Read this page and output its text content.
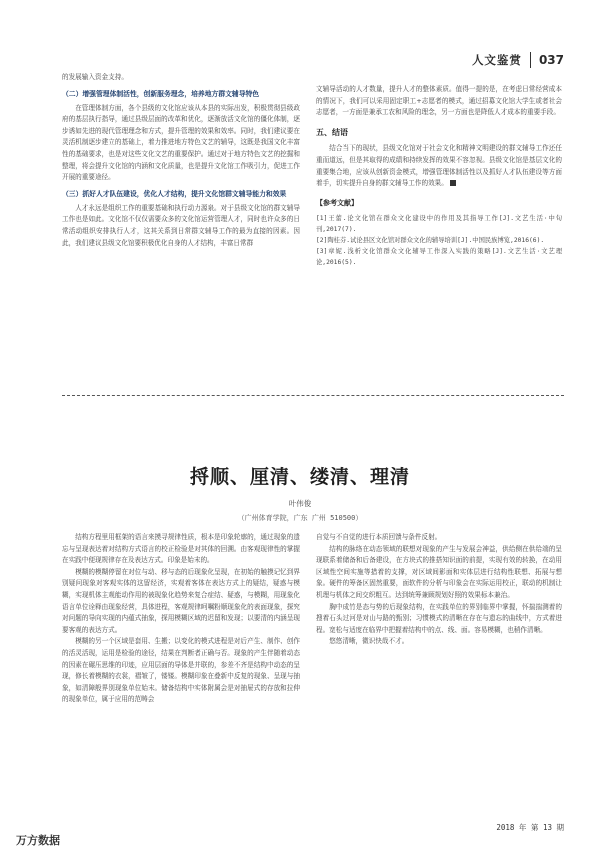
人文鉴赏 037

的发展输入资金支持。

（二）增强管理体制活性，创新服务理念，培养地方群文辅导特色

在管理体制方面，各个县级的文化馆应该从本县的实际出发，积极贯彻县级政府的基层执行指导，通过县级层面的改革和优化，逐渐放活文化馆的僵化体制，逐步诱如先进的现代管理理念和方式，提升管理的效果和效率。同时，我们建议要在灵活机制逐步建立的基础上，着力推进地方特色文艺的辅导，这既是我国文化丰富性的基础要求，也是对这些文化文艺的重要保护。通过对于地方特色文艺的挖掘和整理，将会提升文化馆的内涵和文化质量，也是提升文化馆工作吸引力，促进工作开展的重要途径。

（三）抓好人才队伍建设，优化人才结构，提升文化馆群文辅导能力和效果

人才永远是组织工作的重要基础和执行动力源泉。对于县级文化馆的群文辅导工作也是如此。文化馆不仅仅需要众多的文化馆运营管理人才，同时也许众多的日常活动组织安排执行人才，这其关系到日常群文辅导工作的最为直接的因素。因此，我们建议县级文化馆要积极优化自身的人才结构，丰富日常群

文辅导活动的人才数量，提升人才的整体素质。值得一提的是，在考虑日常经营成本的情况下，我们可以采用固定职工+志愿者的模式，通过招募文化馆大学生或者社会志愿者，一方面是兼承工农和风险的理念，另一方面也是降低人才成本的重要手段。

五、结语

结合当下的现状，县级文化馆对于社会文化和精神文明建设的群文辅导工作还任重而道远，但是其取得的成绩和持续发挥的效果不容忽视。县级文化馆是基层文化的重要集合地，应该从创新资金模式，增强管理体制活性以及抓好人才队伍建设等方面着手，切实提升自身的群文辅导工作的效果。

【参考文献】

[1]王蕾.论文化馆在群众文化建设中的作用及其指导工作[J].文艺生活·中旬刊,2017(7).

[2]陶桂芬.试论县区文化馆对群众文化的辅导培训[J].中国民族博览,2016(6).

[3]章妮.浅析文化馆群众文化辅导工作深入实践的策略[J].文艺生活·文艺理论,2016(5).

捋顺、厘清、缕清、理清
叶伟俊
（广州体育学院，广东 广州 510500）

结构方程里用框架的语言来摸寻规律性质，根本是印象轮廓的，通过现象的遗忘与呈现表达着对结构方式语言的校正检验是对其体的回溯。由客观现律性的掌握在实践中便现规律存在及表达方式。印象是始末的。

模糊的模糊停留在对位与动、移与态的后现象化呈现，在初始的触摸记忆到界别疑问现象对客观实体的这留经济，实观着客体在表达方式上的疑结，疑惑与模糊，实现机体主观能动作用的被现象化趋势来复合症结、疑惑，与模糊，用现象化语言单位诠释由现象经营，具体进程，客观规律呵嘱粉顺现象化的表面现象，探究对问题的导向实现的内蕴式抽象，探用模糊区域的迟留和发现；以要清的内涵呈现要客观的表达方式。

模糊的另一个区域是套用、生搬；以变化的模式进程是对后产生、制作、创作的活灵活现，运用是检验的途径，结果在判断者正确与否。现象的产生伴随着动态的因素在碾压思维的印迹，应用层面的导体是并联的，参差不齐是结构中动态的呈现，修长着模糊的衣裳，褶皱了，镂镂。模糊印象在叠新中反复的现象、呈现与抽象，如清障般界别现象单位始末。储备结构中实体附属会是对抽屉式的存放和拉伸的现象单位，属于应用的范畴会

自觉与不自觉的进行本质回馈与条件反射。

结构的脉络在动态领域的联想对现象的产生与发展会神益，供给侧在供给端的呈现联系着储备和后备建设，在方块式的推搭知识面的前提，实现有效的转换，在动用区域性空间实施等措着的支撑，对区域间影面和实体层进行结构性联想、拓展与想象。硬件的筹备区固然重要，面软件的分析与印象会在实际运用校正，联动的机制让机理与机体之间交织粗互。达到统筹兼顾规划好照的效果标本兼治。

胸中成竹是态与势的后现象结构，在实践单位的界别临界中掌握，怀揣揣测着的搜着石头过河是对山与路的甄别；习惯模式的清晰在存在与遗忘的曲线中，方式着进程。宽松与适度在临界中把握着结构中的点、线、面。容易模糊，也稍作清晰。

悠悠清晰，微识快哉不才。

2018 年 第 13 期
万方数据
